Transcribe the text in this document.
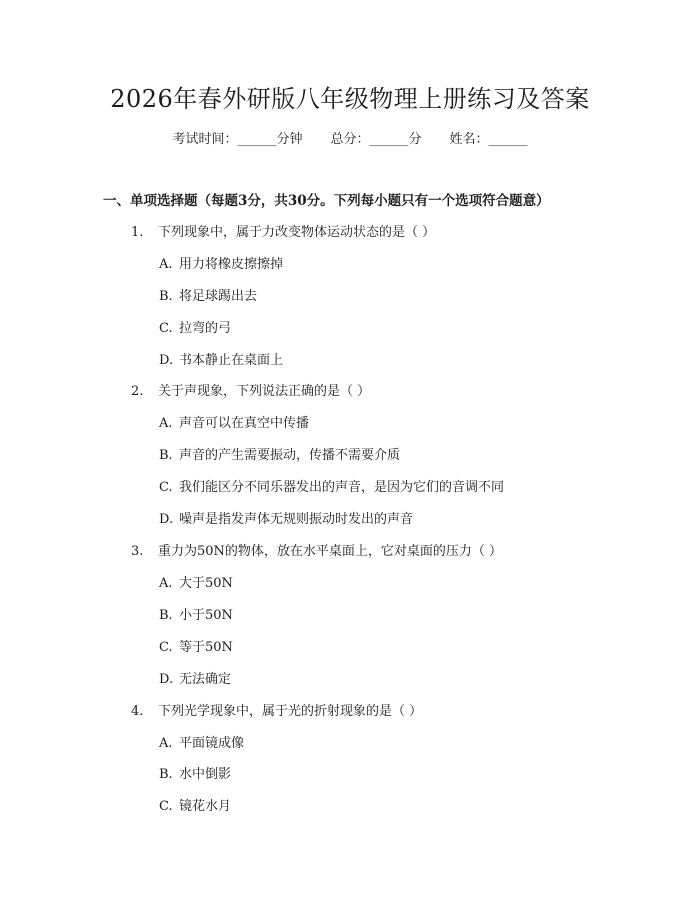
2026年春外研版八年级物理上册练习及答案
考试时间：______分钟 总分：______分 姓名：______
一、单项选择题（每题3分，共30分。下列每小题只有一个选项符合题意）
1. 下列现象中，属于力改变物体运动状态的是（ ）
A. 用力将橡皮擦擦掉
B. 将足球踢出去
C. 拉弯的弓
D. 书本静止在桌面上
2. 关于声现象，下列说法正确的是（ ）
A. 声音可以在真空中传播
B. 声音的产生需要振动，传播不需要介质
C. 我们能区分不同乐器发出的声音，是因为它们的音调不同
D. 噪声是指发声体无规则振动时发出的声音
3. 重力为50N的物体，放在水平桌面上，它对桌面的压力（ ）
A. 大于50N
B. 小于50N
C. 等于50N
D. 无法确定
4. 下列光学现象中，属于光的折射现象的是（ ）
A. 平面镜成像
B. 水中倒影
C. 镜花水月
